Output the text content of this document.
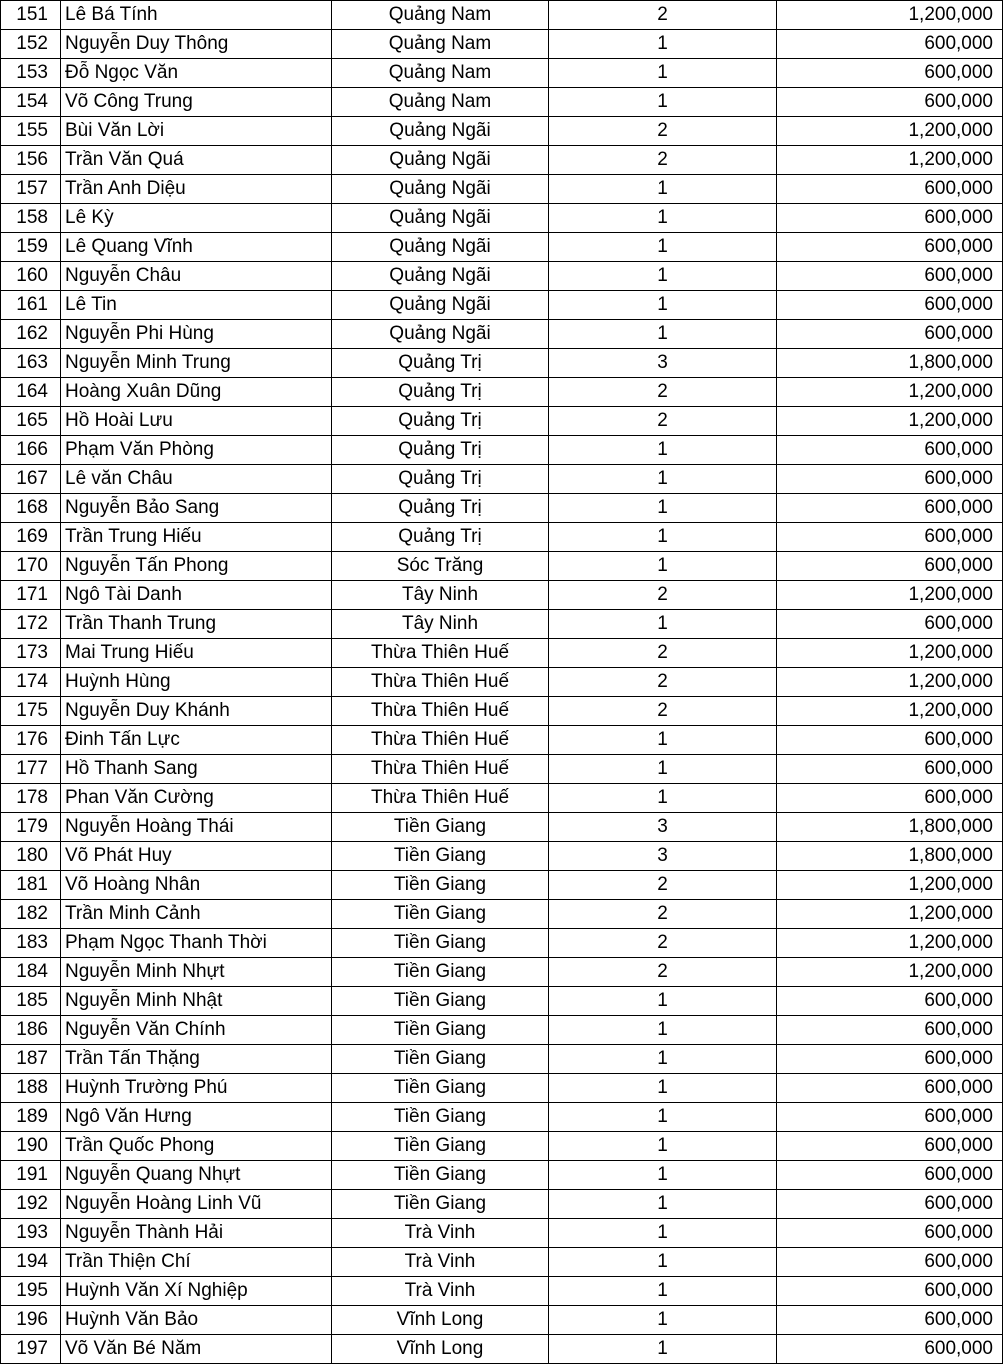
151	Lê Bá Tính	Quảng Nam	2	1,200,000
152	Nguyễn Duy Thông	Quảng Nam	1	600,000
153	Đỗ Ngọc Văn	Quảng Nam	1	600,000
154	Võ Công Trung	Quảng Nam	1	600,000
155	Bùi Văn Lời	Quảng Ngãi	2	1,200,000
156	Trần Văn Quá	Quảng Ngãi	2	1,200,000
157	Trần Anh Diệu	Quảng Ngãi	1	600,000
158	Lê Kỳ	Quảng Ngãi	1	600,000
159	Lê Quang Vĩnh	Quảng Ngãi	1	600,000
160	Nguyễn Châu	Quảng Ngãi	1	600,000
161	Lê Tin	Quảng Ngãi	1	600,000
162	Nguyễn Phi Hùng	Quảng Ngãi	1	600,000
163	Nguyễn Minh Trung	Quảng Trị	3	1,800,000
164	Hoàng Xuân Dũng	Quảng Trị	2	1,200,000
165	Hồ Hoài Lưu	Quảng Trị	2	1,200,000
166	Phạm Văn Phòng	Quảng Trị	1	600,000
167	Lê văn Châu	Quảng Trị	1	600,000
168	Nguyễn Bảo Sang	Quảng Trị	1	600,000
169	Trần Trung Hiếu	Quảng Trị	1	600,000
170	Nguyễn Tấn Phong	Sóc Trăng	1	600,000
171	Ngô Tài Danh	Tây Ninh	2	1,200,000
172	Trần Thanh Trung	Tây Ninh	1	600,000
173	Mai Trung Hiếu	Thừa Thiên Huế	2	1,200,000
174	Huỳnh Hùng	Thừa Thiên Huế	2	1,200,000
175	Nguyễn Duy Khánh	Thừa Thiên Huế	2	1,200,000
176	Đinh Tấn Lực	Thừa Thiên Huế	1	600,000
177	Hồ Thanh Sang	Thừa Thiên Huế	1	600,000
178	Phan Văn Cường	Thừa Thiên Huế	1	600,000
179	Nguyễn Hoàng Thái	Tiền Giang	3	1,800,000
180	Võ Phát Huy	Tiền Giang	3	1,800,000
181	Võ Hoàng Nhân	Tiền Giang	2	1,200,000
182	Trần Minh Cảnh	Tiền Giang	2	1,200,000
183	Phạm Ngọc Thanh Thời	Tiền Giang	2	1,200,000
184	Nguyễn Minh Nhựt	Tiền Giang	2	1,200,000
185	Nguyễn Minh Nhật	Tiền Giang	1	600,000
186	Nguyễn Văn Chính	Tiền Giang	1	600,000
187	Trần Tấn Thặng	Tiền Giang	1	600,000
188	Huỳnh Trường Phú	Tiền Giang	1	600,000
189	Ngô Văn Hưng	Tiền Giang	1	600,000
190	Trần Quốc Phong	Tiền Giang	1	600,000
191	Nguyễn Quang Nhựt	Tiền Giang	1	600,000
192	Nguyễn Hoàng Linh Vũ	Tiền Giang	1	600,000
193	Nguyễn Thành Hải	Trà Vinh	1	600,000
194	Trần Thiện Chí	Trà Vinh	1	600,000
195	Huỳnh Văn Xí Nghiệp	Trà Vinh	1	600,000
196	Huỳnh Văn Bảo	Vĩnh Long	1	600,000
197	Võ Văn Bé Năm	Vĩnh Long	1	600,000
